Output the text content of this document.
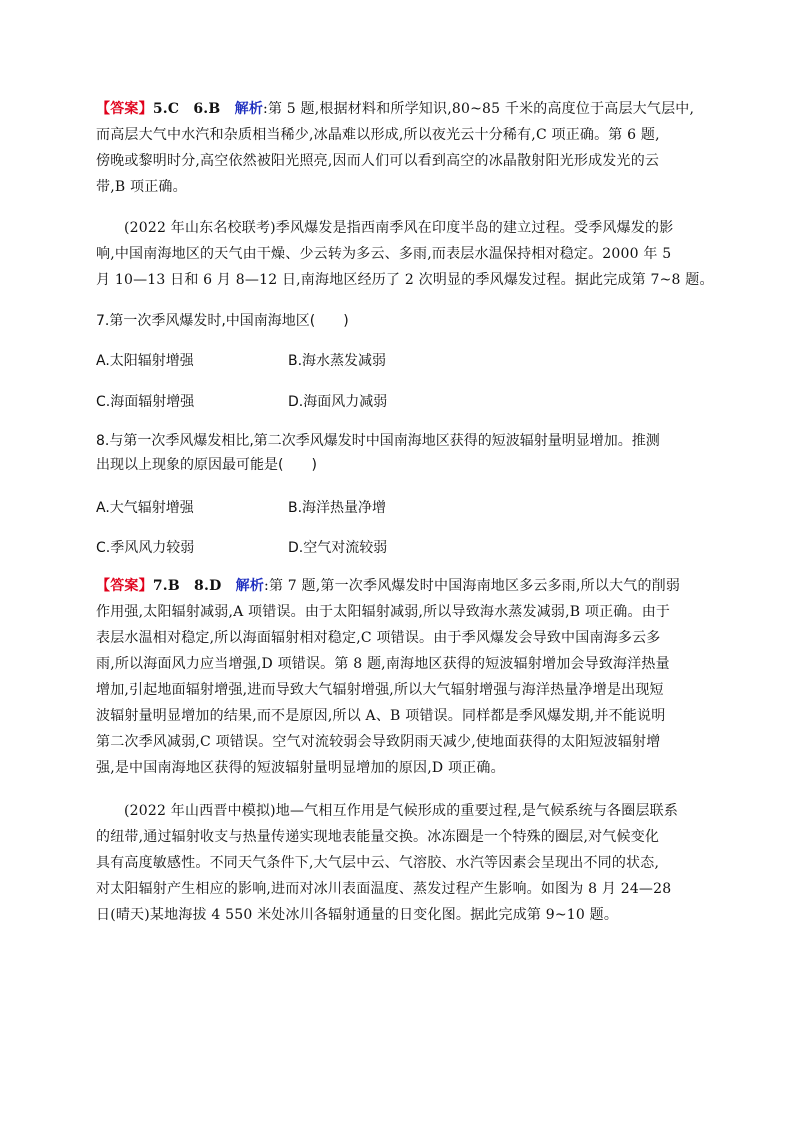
【答案】5.C　6.B　 解析:第 5 题,根据材料和所学知识,80~85 千米的高度位于高层大气层中,
而高层大气中水汽和杂质相当稀少,冰晶难以形成,所以夜光云十分稀有,C 项正确。第 6 题,
傍晚或黎明时分,高空依然被阳光照亮,因而人们可以看到高空的冰晶散射阳光形成发光的云
带,B 项正确。
(2022 年山东名校联考)季风爆发是指西南季风在印度半岛的建立过程。受季风爆发的影
响,中国南海地区的天气由干燥、少云转为多云、多雨,而表层水温保持相对稳定。2000 年 5
月 10—13 日和 6 月 8—12 日,南海地区经历了 2 次明显的季风爆发过程。据此完成第 7~8 题。
7.第一次季风爆发时,中国南海地区(　　)
A.太阳辐射增强	B.海水蒸发减弱
C.海面辐射增强	D.海面风力减弱
8.与第一次季风爆发相比,第二次季风爆发时中国南海地区获得的短波辐射量明显增加。推测
出现以上现象的原因最可能是(　　)
A.大气辐射增强	B.海洋热量净增
C.季风风力较弱	D.空气对流较弱
【答案】7.B　8.D　 解析:第 7 题,第一次季风爆发时中国海南地区多云多雨,所以大气的削弱
作用强,太阳辐射减弱,A 项错误。由于太阳辐射减弱,所以导致海水蒸发减弱,B 项正确。由于
表层水温相对稳定,所以海面辐射相对稳定,C 项错误。由于季风爆发会导致中国南海多云多
雨,所以海面风力应当增强,D 项错误。第 8 题,南海地区获得的短波辐射增加会导致海洋热量
增加,引起地面辐射增强,进而导致大气辐射增强,所以大气辐射增强与海洋热量净增是出现短
波辐射量明显增加的结果,而不是原因,所以 A、B 项错误。同样都是季风爆发期,并不能说明
第二次季风减弱,C 项错误。空气对流较弱会导致阴雨天减少,使地面获得的太阳短波辐射增
强,是中国南海地区获得的短波辐射量明显增加的原因,D 项正确。
(2022 年山西晋中模拟)地—气相互作用是气候形成的重要过程,是气候系统与各圈层联系
的纽带,通过辐射收支与热量传递实现地表能量交换。冰冻圈是一个特殊的圈层,对气候变化
具有高度敏感性。不同天气条件下,大气层中云、气溶胶、水汽等因素会呈现出不同的状态,
对太阳辐射产生相应的影响,进而对冰川表面温度、蒸发过程产生影响。如图为 8 月 24—28
日(晴天)某地海拔 4 550 米处冰川各辐射通量的日变化图。据此完成第 9~10 题。
